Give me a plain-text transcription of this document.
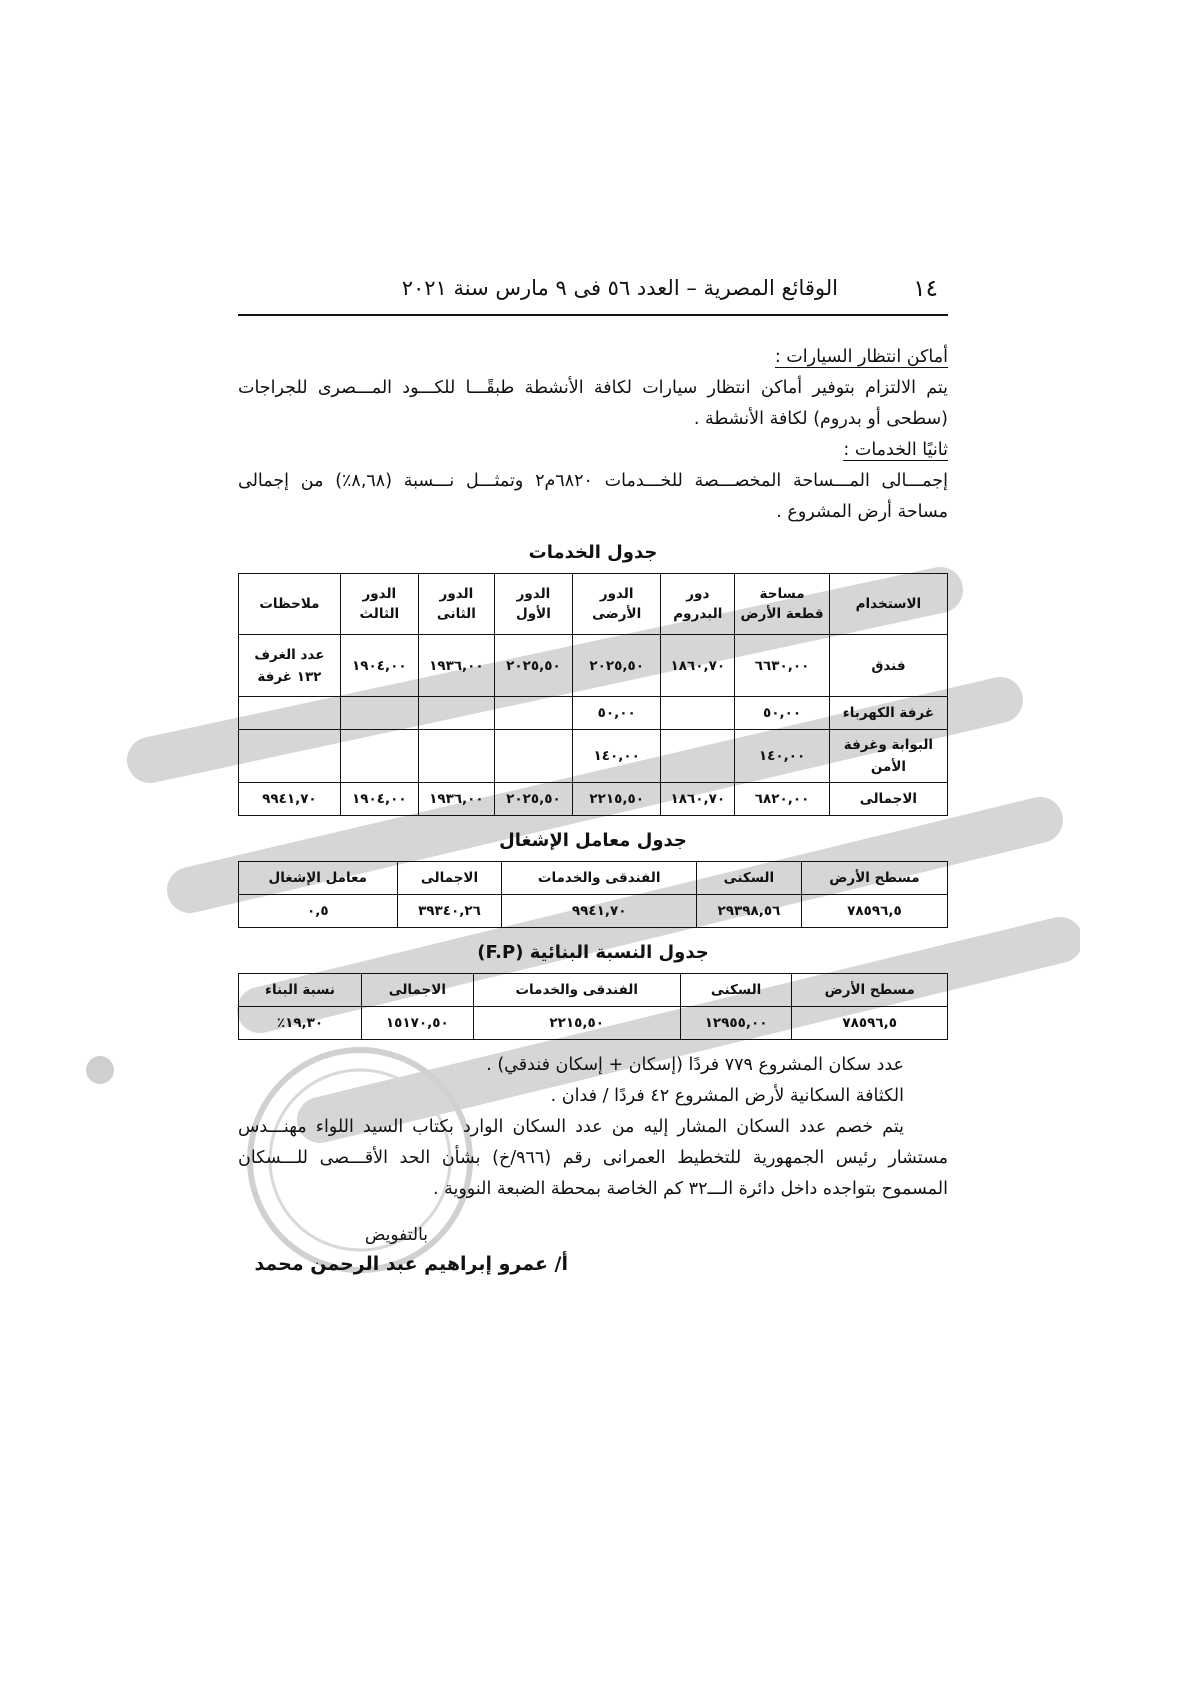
١٤
الوقائع المصرية – العدد ٥٦ فى ٩ مارس سنة ٢٠٢١
أماكن انتظار السيارات :
يتم الالتزام بتوفير أماكن انتظار سيارات لكافة الأنشطة طبقًـــا للكـــود المـــصرى للجراجات (سطحى أو بدروم) لكافة الأنشطة .
ثانيًا الخدمات :
إجمـــالى المـــساحة المخصـــصة للخـــدمات ٦٨٢٠م٢ وتمثـــل نـــسبة (٨,٦٨٪) من إجمالى مساحة أرض المشروع .
جدول الخدمات
الاستخدام	مساحة قطعة الأرض	دور البدروم	الدور الأرضى	الدور الأول	الدور الثانى	الدور الثالث	ملاحظات
فندق	٦٦٣٠,٠٠	١٨٦٠,٧٠	٢٠٢٥,٥٠	٢٠٢٥,٥٠	١٩٣٦,٠٠	١٩٠٤,٠٠	عدد الغرف ١٣٢ غرفة
غرفة الكهرباء	٥٠,٠٠		٥٠,٠٠				
البوابة وغرفة الأمن	١٤٠,٠٠		١٤٠,٠٠				
الاجمالى	٦٨٢٠,٠٠	١٨٦٠,٧٠	٢٢١٥,٥٠	٢٠٢٥,٥٠	١٩٣٦,٠٠	١٩٠٤,٠٠	٩٩٤١,٧٠
جدول معامل الإشغال
مسطح الأرض	السكنى	الفندقى والخدمات	الاجمالى	معامل الإشغال
٧٨٥٩٦,٥	٢٩٣٩٨,٥٦	٩٩٤١,٧٠	٣٩٣٤٠,٢٦	٠,٥
جدول النسبة البنائية (F.P)
مسطح الأرض	السكنى	الفندقى والخدمات	الاجمالى	نسبة البناء
٧٨٥٩٦,٥	١٢٩٥٥,٠٠	٢٢١٥,٥٠	١٥١٧٠,٥٠	١٩,٣٠٪
عدد سكان المشروع ٧٧٩ فردًا (إسكان + إسكان فندقي) .
الكثافة السكانية لأرض المشروع ٤٢ فردًا / فدان .
يتم خصم عدد السكان المشار إليه من عدد السكان الوارد بكتاب السيد اللواء مهنـــدس مستشار رئيس الجمهورية للتخطيط العمرانى رقم (٩٦٦/خ) بشأن الحد الأقـــصى للـــسكان المسموح بتواجده داخل دائرة الـــ٣٢ كم الخاصة بمحطة الضبعة النووية .
بالتفويض
أ/ عمرو إبراهيم عبد الرحمن محمد
